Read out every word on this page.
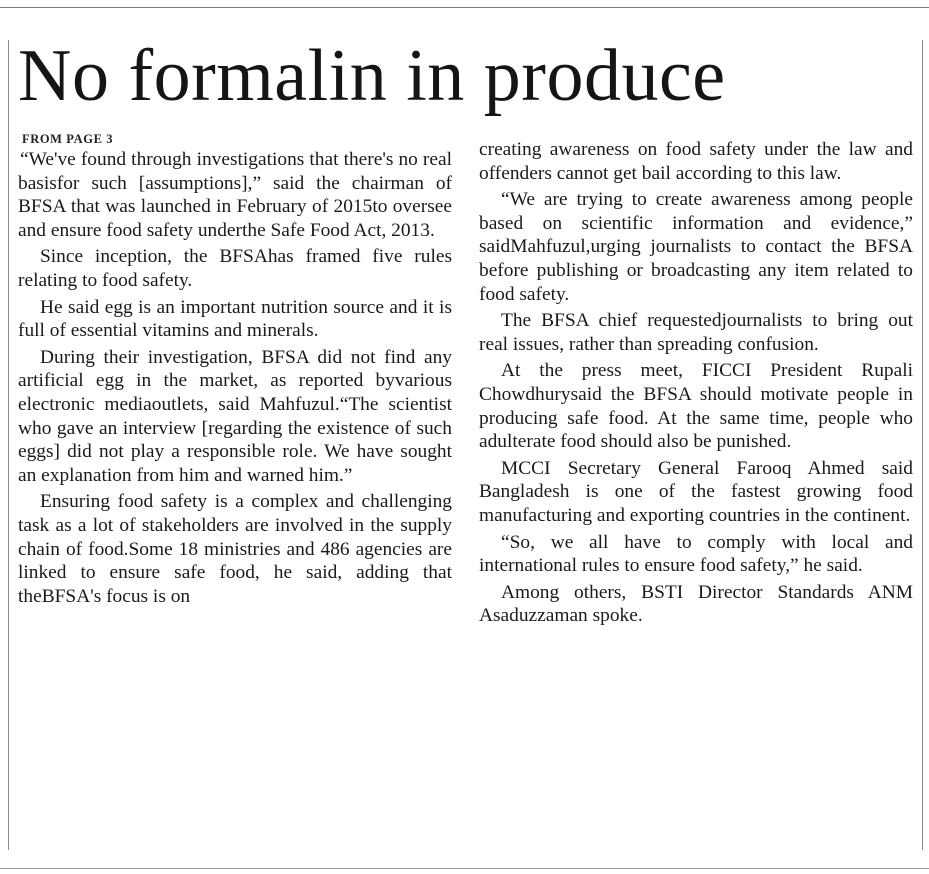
No formalin in produce
FROM PAGE 3

“We've found through investigations that there's no real basisfor such [assumptions],” said the chairman of BFSA that was launched in February of 2015to oversee and ensure food safety underthe Safe Food Act, 2013.

Since inception, the BFSAhas framed five rules relating to food safety.

He said egg is an important nutrition source and it is full of essential vitamins and minerals.

During their investigation, BFSA did not find any artificial egg in the market, as reported byvarious electronic mediaoutlets, said Mahfuzul.“The scientist who gave an interview [regarding the existence of such eggs] did not play a responsible role. We have sought an explanation from him and warned him.”

Ensuring food safety is a complex and challenging task as a lot of stakeholders are involved in the supply chain of food.Some 18 ministries and 486 agencies are linked to ensure safe food, he said, adding that theBFSA's focus is on

creating awareness on food safety under the law and offenders cannot get bail according to this law.

“We are trying to create awareness among people based on scientific information and evidence,” saidMahfuzul,urging journalists to contact the BFSA before publishing or broadcasting any item related to food safety.

The BFSA chief requestedjournalists to bring out real issues, rather than spreading confusion.

At the press meet, FICCI President Rupali Chowdhurysaid the BFSA should motivate people in producing safe food. At the same time, people who adulterate food should also be punished.

MCCI Secretary General Farooq Ahmed said Bangladesh is one of the fastest growing food manufacturing and exporting countries in the continent.

“So, we all have to comply with local and international rules to ensure food safety,” he said.

Among others, BSTI Director Standards ANM Asaduzzaman spoke.
